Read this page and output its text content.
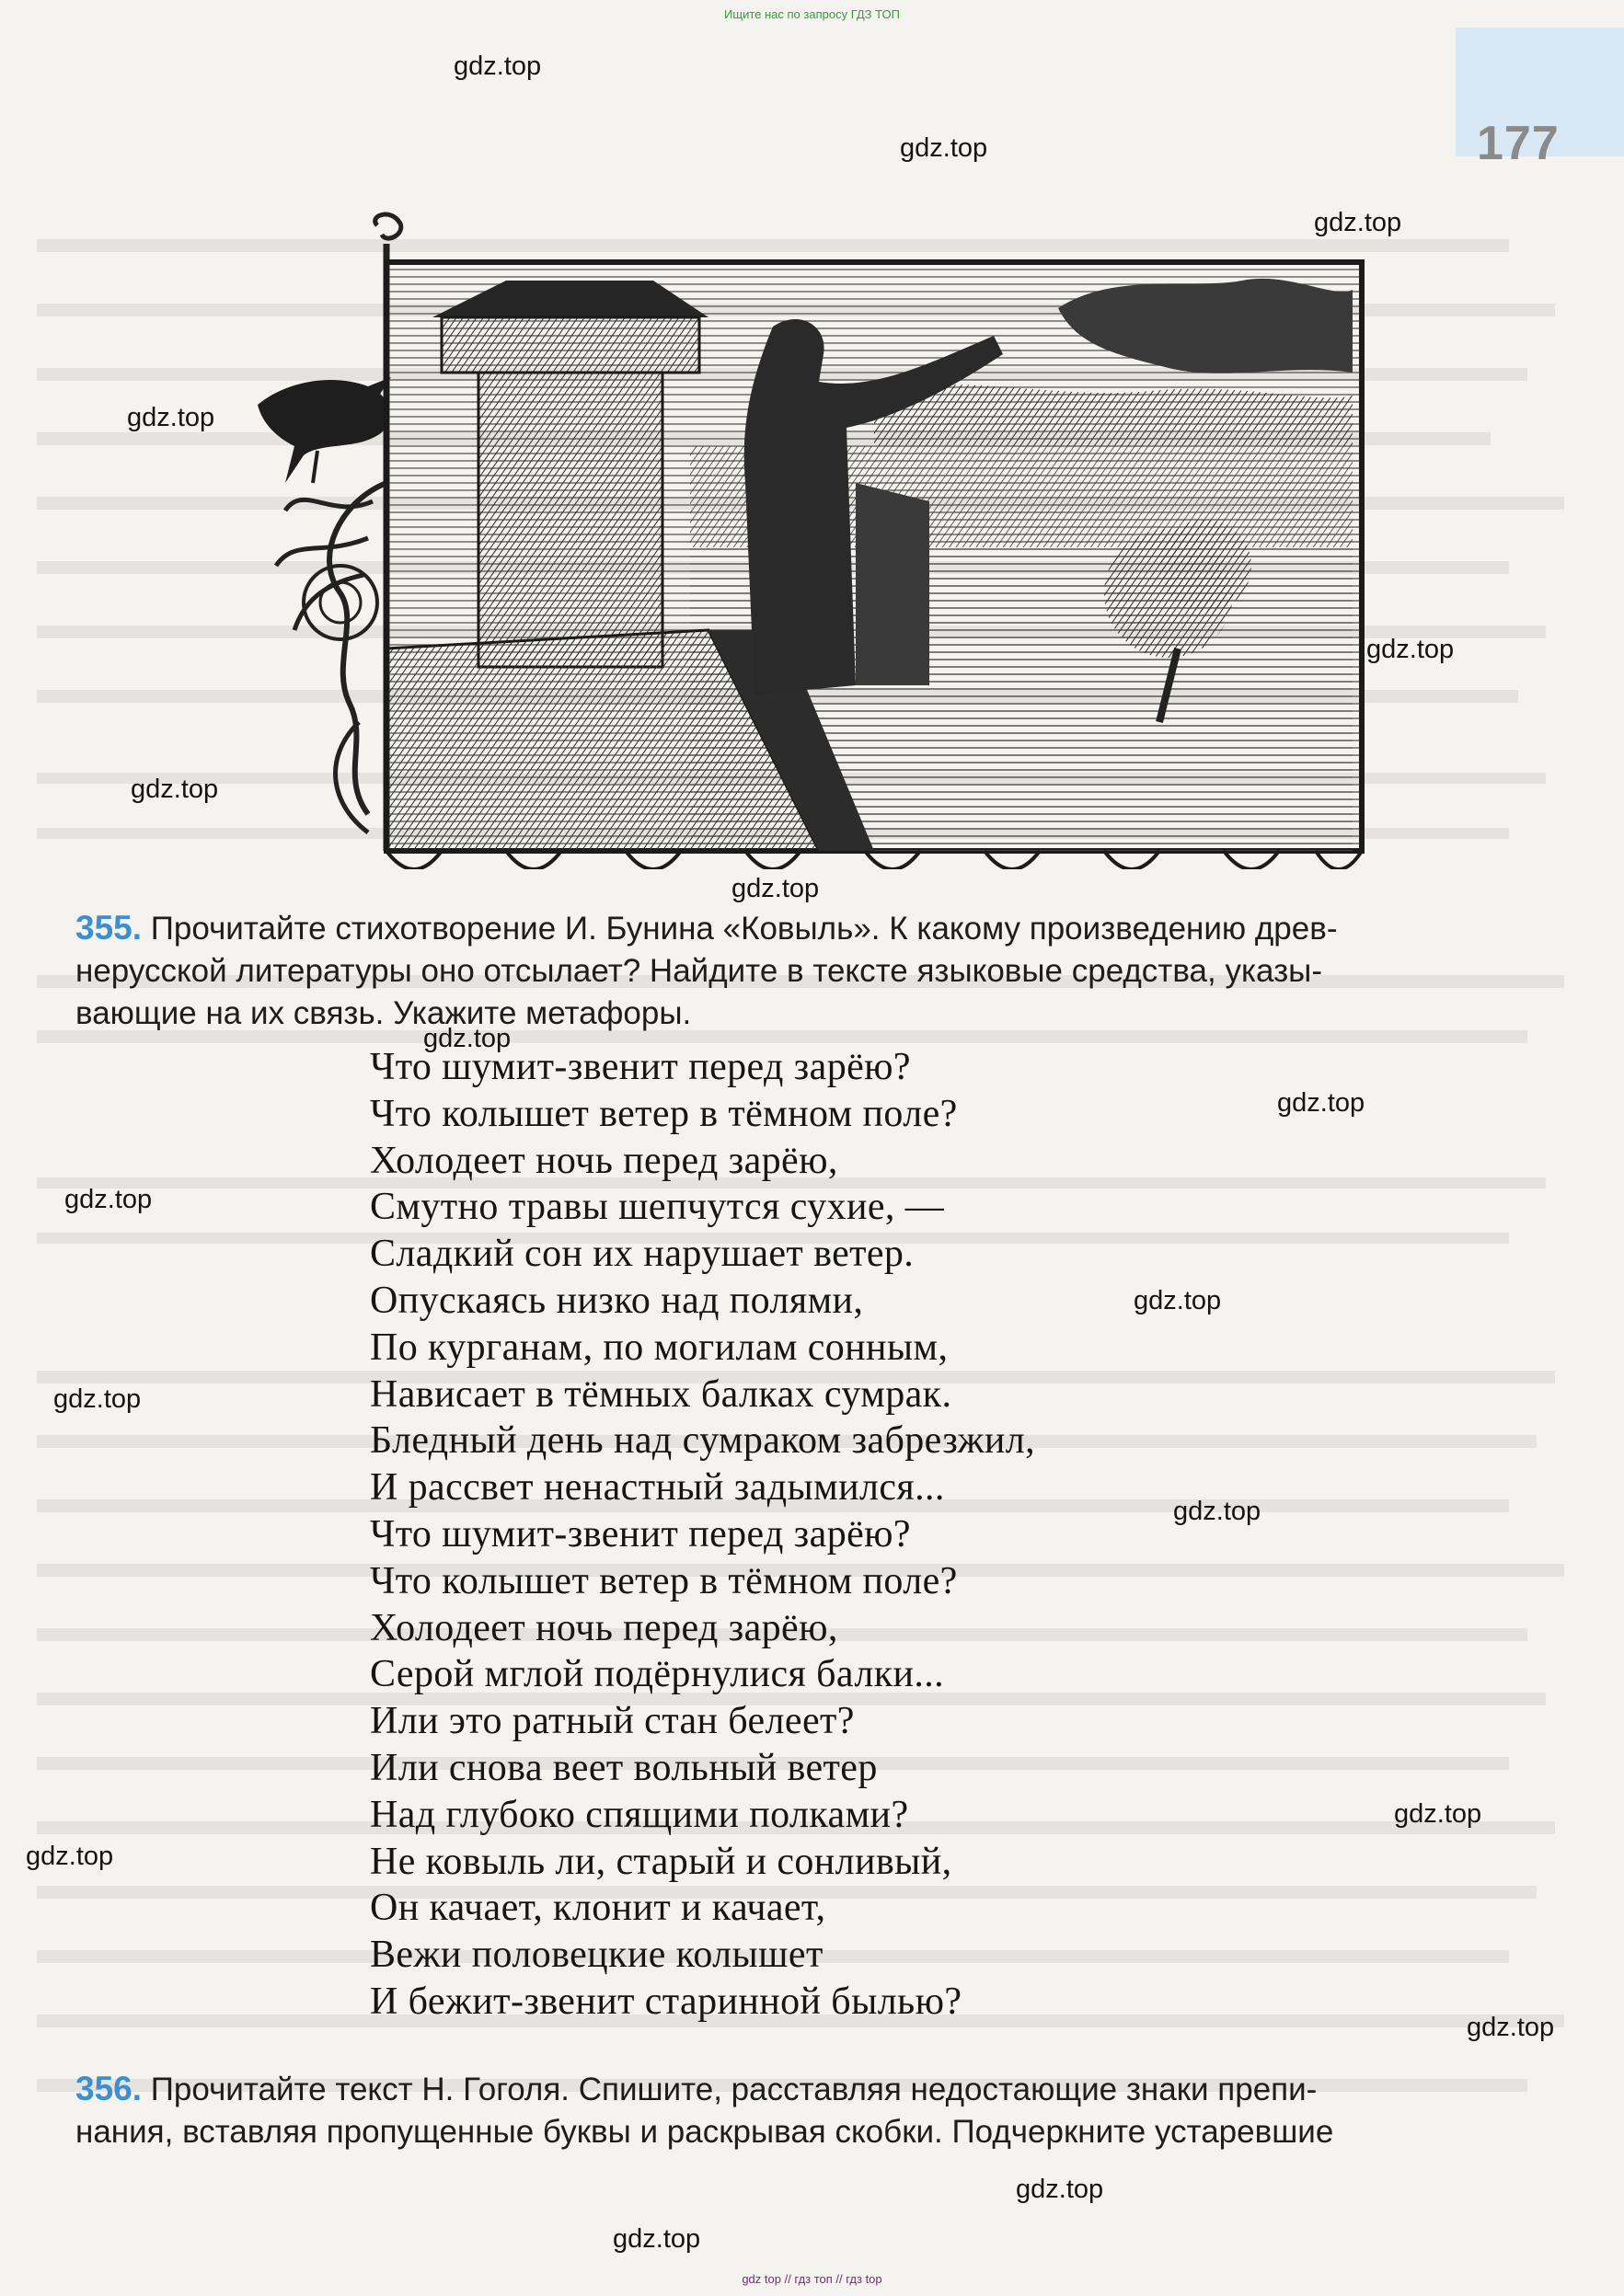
Ищите нас по запросу ГДЗ ТОП
177
355. Прочитайте стихотворение И. Бунина «Ковыль». К какому произведению древ-
нерусской литературы оно отсылает? Найдите в тексте языковые средства, указы-
вающие на их связь. Укажите метафоры.
Что шумит-звенит перед зарёю?
Что колышет ветер в тёмном поле?
Холодеет ночь перед зарёю,
Смутно травы шепчутся сухие, —
Сладкий сон их нарушает ветер.
Опускаясь низко над полями,
По курганам, по могилам сонным,
Нависает в тёмных балках сумрак.
Бледный день над сумраком забрезжил,
И рассвет ненастный задымился...
Что шумит-звенит перед зарёю?
Что колышет ветер в тёмном поле?
Холодеет ночь перед зарёю,
Серой мглой подёрнулися балки...
Или это ратный стан белеет?
Или снова веет вольный ветер
Над глубоко спящими полками?
Не ковыль ли, старый и сонливый,
Он качает, клонит и качает,
Вежи половецкие колышет
И бежит-звенит старинной былью?
356. Прочитайте текст Н. Гоголя. Спишите, расставляя недостающие знаки препи-
нания, вставляя пропущенные буквы и раскрывая скобки. Подчеркните устаревшие
gdz.top
gdz.top
gdz.top
gdz.top
gdz.top
gdz.top
gdz.top
gdz.top
gdz.top
gdz.top
gdz.top
gdz.top
gdz.top
gdz.top
gdz.top
gdz.top
gdz.top
gdz.top
gdz top // гдз топ // гдз top
